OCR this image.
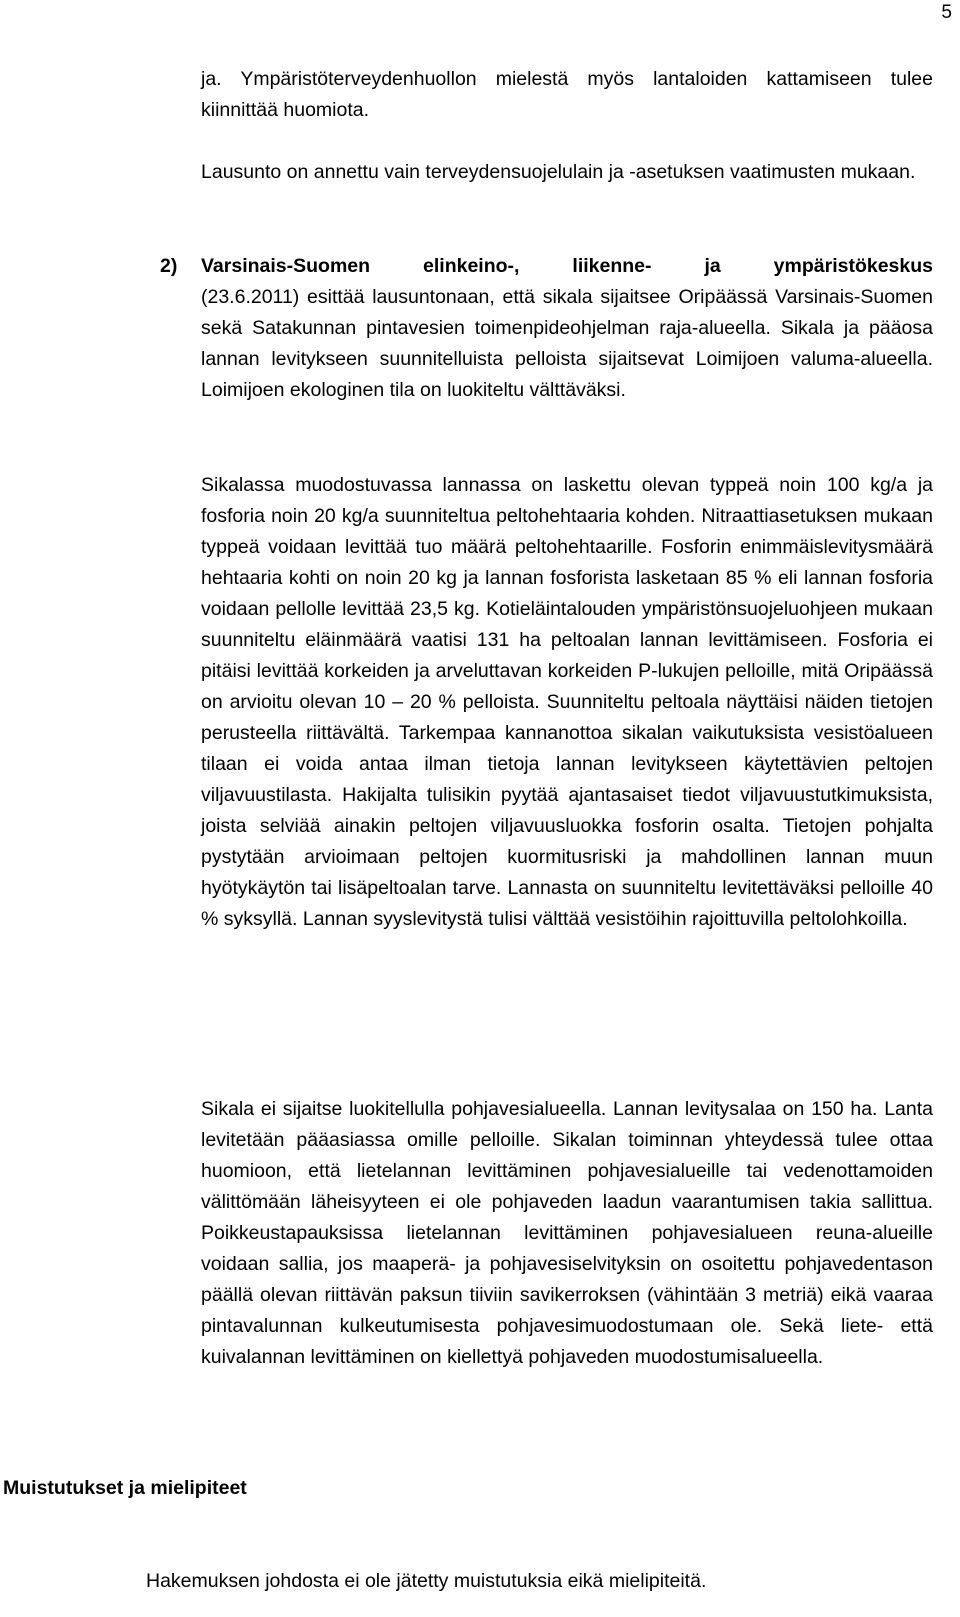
5

ja. Ympäristöterveydenhuollon mielestä myös lantaloiden kattamiseen tulee kiinnittää huomiota.

Lausunto on annettu vain terveydensuojelulain ja -asetuksen vaatimusten mukaan.

2)	Varsinais-Suomen elinkeino-, liikenne- ja ympäristökeskus

(23.6.2011) esittää lausuntonaan, että sikala sijaitsee Oripäässä Varsinais-Suomen sekä Satakunnan pintavesien toimenpideohjelman raja-alueella. Sikala ja pääosa lannan levitykseen suunnitelluista pelloista sijaitsevat Loimijoen valuma-alueella. Loimijoen ekologinen tila on luokiteltu välttäväksi.

Sikalassa muodostuvassa lannassa on laskettu olevan typpeä noin 100 kg/a ja fosforia noin 20 kg/a suunniteltua peltohehtaaria kohden. Nitraattiasetuksen mukaan typpeä voidaan levittää tuo määrä peltohehtaarille. Fosforin enimmäislevitysmäärä hehtaaria kohti on noin 20 kg ja lannan fosforista lasketaan 85 % eli lannan fosforia voidaan pellolle levittää 23,5 kg. Kotieläintalouden ympäristönsuojeluohjeen mukaan suunniteltu eläinmäärä vaatisi 131 ha peltoalan lannan levittämiseen. Fosforia ei pitäisi levittää korkeiden ja arveluttavan korkeiden P-lukujen pelloille, mitä Oripäässä on arvioitu olevan 10 – 20 % pelloista. Suunniteltu peltoala näyttäisi näiden tietojen perusteella riittävältä. Tarkempaa kannanottoa sikalan vaikutuksista vesistöalueen tilaan ei voida antaa ilman tietoja lannan levitykseen käytettävien peltojen viljavuustilasta. Hakijalta tulisikin pyytää ajantasaiset tiedot viljavuustutkimuksista, joista selviää ainakin peltojen viljavuusluokka fosforin osalta. Tietojen pohjalta pystytään arvioimaan peltojen kuormitusriski ja mahdollinen lannan muun hyötykäytön tai lisäpeltoalan tarve. Lannasta on suunniteltu levitettäväksi pelloille 40 % syksyllä. Lannan syyslevitystä tulisi välttää vesistöihin rajoittuvilla peltolohkoilla.

Sikala ei sijaitse luokitellulla pohjavesialueella. Lannan levitysalaa on 150 ha. Lanta levitetään pääasiassa omille pelloille. Sikalan toiminnan yhteydessä tulee ottaa huomioon, että lietelannan levittäminen pohjavesialueille tai vedenottamoiden välittömään läheisyyteen ei ole pohjaveden laadun vaarantumisen takia sallittua. Poikkeustapauksissa lietelannan levittäminen pohjavesialueen reuna-alueille voidaan sallia, jos maaperä- ja pohjavesiselvityksin on osoitettu pohjavedentason päällä olevan riittävän paksun tiiviin savikerroksen (vähintään 3 metriä) eikä vaaraa pintavalunnan kulkeutumisesta pohjavesimuodostumaan ole. Sekä liete- että kuivalannan levittäminen on kiellettyä pohjaveden muodostumisalueella.

Muistutukset ja mielipiteet

Hakemuksen johdosta ei ole jätetty muistutuksia eikä mielipiteitä.
